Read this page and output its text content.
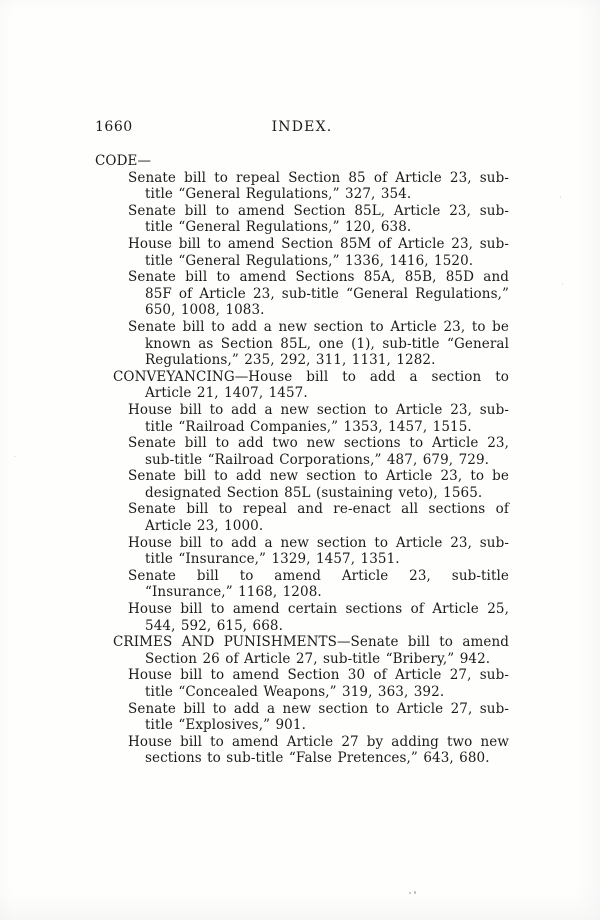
1660	INDEX.
CODE—
Senate bill to repeal Section 85 of Article 23, sub-title “General Regulations,” 327, 354.
Senate bill to amend Section 85L, Article 23, sub-title “General Regulations,” 120, 638.
House bill to amend Section 85M of Article 23, sub-title “General Regulations,” 1336, 1416, 1520.
Senate bill to amend Sections 85A, 85B, 85D and 85F of Article 23, sub-title “General Regulations,” 650, 1008, 1083.
Senate bill to add a new section to Article 23, to be known as Section 85L, one (1), sub-title “General Regulations,” 235, 292, 311, 1131, 1282.
CONVEYANCING—House bill to add a section to Article 21, 1407, 1457.
House bill to add a new section to Article 23, sub-title “Railroad Companies,” 1353, 1457, 1515.
Senate bill to add two new sections to Article 23, sub-title “Railroad Corporations,” 487, 679, 729.
Senate bill to add new section to Article 23, to be designated Section 85L (sustaining veto), 1565.
Senate bill to repeal and re-enact all sections of Article 23, 1000.
House bill to add a new section to Article 23, sub-title “Insurance,” 1329, 1457, 1351.
Senate bill to amend Article 23, sub-title “Insurance,” 1168, 1208.
House bill to amend certain sections of Article 25, 544, 592, 615, 668.
CRIMES AND PUNISHMENTS—Senate bill to amend Section 26 of Article 27, sub-title “Bribery,” 942.
House bill to amend Section 30 of Article 27, sub-title “Concealed Weapons,” 319, 363, 392.
Senate bill to add a new section to Article 27, sub-title “Explosives,” 901.
House bill to amend Article 27 by adding two new sections to sub-title “False Pretences,” 643, 680.
